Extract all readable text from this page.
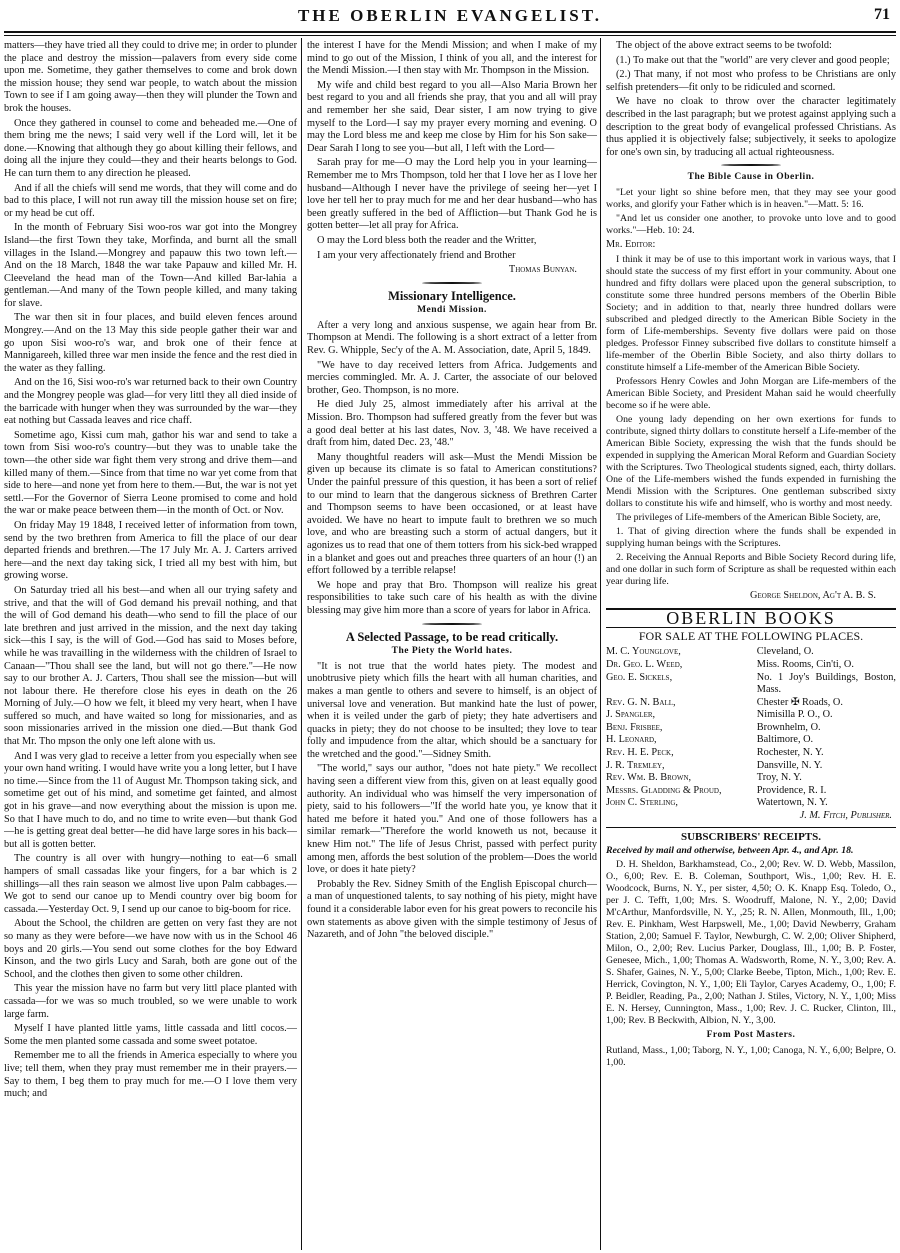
THE OBERLIN EVANGELIST.	71

matters—they have tried all they could to drive me; in order to plunder the place and destroy the mission—palavers from every side come upon me. Sometime, they gather themselves to come and brok down the mission house; they send war people, to watch about the mission Town to see if I am going away—then they will plunder the Town and brok the houses.

Once they gathered in counsel to come and beheaded me.—One of them bring me the news; I said very well if the Lord will, let it be done.—Knowing that although they go about killing their fellows, and doing all the injure they could—they and their hearts belongs to God. He can turn them to any direction he pleased.

And if all the chiefs will send me words, that they will come and do bad to this place, I will not run away till the mission house set on fire; or my head be cut off.

In the month of February Sisi woo-ros war got into the Mongrey Island—the first Town they take, Morfinda, and burnt all the small villages in the Island.—Mongrey and papauw this two town left.—And on the 18 March, 1848 the war take Papauw and killed Mr. H. Cleeveland the head man of the Town—And killed Bar-lahia a gentleman.—And many of the Town people killed, and many taking for slave.

The war then sit in four places, and build eleven fences around Mongrey.—And on the 13 May this side people gather their war and go upon Sisi woo-ro's war, and brok one of their fence at Mannigareeh, killed three war men inside the fence and the rest died in the water as they falling.

And on the 16, Sisi woo-ro's war returned back to their own Country and the Mongrey people was glad—for very littl they all died inside of the barricade with hunger when they was surrounded by the war—they eat nothing but Cassada leaves and rice chaff.

Sometime ago, Kissi cum mah, gathor his war and send to take a town from Sisi woo-ro's country—but they was to unable take the town—the other side war fight them very strong and drive them—and killed many of them.—Since from that time no war yet come from that side to here—and none yet from here to them.—But, the war is not yet settl.—For the Governor of Sierra Leone promised to come and hold the war or make peace between them—in the month of Oct. or Nov.

On friday May 19 1848, I received letter of information from town, send by the two brethren from America to fill the place of our dear departed friends and brethren.—The 17 July Mr. A. J. Carters arrived here—and the next day taking sick, I tried all my best with him, but growing worse.

On Saturday tried all his best—and when all our trying safety and strive, and that the will of God demand his prevail nothing, and that the will of God demand his death—who send to fill the place of our late brethren and just arrived in the mission, and the next day taking sick—this I say, is the will of God.—God has said to Moses before, while he was travailling in the wilderness with the children of Israel to Canaan—"Thou shall see the land, but will not go there."—He now say to our brother A. J. Carters, Thou shall see the mission—but will not labour there. He therefore close his eyes in death on the 26 Morning of July.—O how we felt, it bleed my very heart, when I have suffered so much, and have waited so long for missionaries, and as soon missionaries arrived in the mission one died.—But thank God that Mr. Tho mpson the only one left alone with us.

And I was very glad to receive a letter from you especially when see your own hand writing. I would have write you a long letter, but I have no time.—Since from the 11 of August Mr. Thompson taking sick, and sometime get out of his mind, and sometime get fainted, and almost got in his grave—and now everything about the mission is upon me. So that I have much to do, and no time to write even—but thank God—he is getting great deal better—he did have large sores in his back—but all is gotten better.

The country is all over with hungry—nothing to eat—6 small hampers of small cassadas like your fingers, for a bar which is 2 shillings—all thes rain season we almost live upon Palm cabbages.—We got to send our canoe up to Mendi country over big boom for cassada.—Yesterday Oct. 9, I send up our canoe to big-boom for rice.

About the School, the children are getten on very fast they are not so many as they were before—we have now with us in the School 46 boys and 20 girls.—You send out some clothes for the boy Edward Kinson, and the two girls Lucy and Sarah, both are gone out of the School, and the clothes then given to some other children.

This year the mission have no farm but very littl place planted with cassada—for we was so much troubled, so we were unable to work large farm.

Myself I have planted little yams, little cassada and littl cocos.—Some the men planted some cassada and some sweet potatoe.

Remember me to all the friends in America especially to where you live; tell them, when they pray must remember me in their prayers.—Say to them, I beg them to pray much for me.—O I love them very much; and

the interest I have for the Mendi Mission; and when I make of my mind to go out of the Mission, I think of you all, and the interest for the Mendi Mission.—I then stay with Mr. Thompson in the Mission.

My wife and child best regard to you all—Also Maria Brown her best regard to you and all friends she pray, that you and all will pray and remember her she said, Dear sister, I am now trying to give myself to the Lord—I say my prayer every morning and evening. O may the Lord bless me and keep me close by Him for his Son sake—Dear Sarah I long to see you—but all, I left with the Lord—

Sarah pray for me—O may the Lord help you in your learning—Remember me to Mrs Thompson, told her that I love her as I love her husband—Although I never have the privilege of seeing her—yet I love her tell her to pray much for me and her dear husband—who has been greatly suffered in the bed of Affliction—but Thank God he is gotten better—let all pray for Africa.

O may the Lord bless both the reader and the Writter,

I am your very affectionately friend and Brother

Thomas Bunyan.

Missionary Intelligence.

Mendi Mission.

After a very long and anxious suspense, we again hear from Br. Thompson at Mendi. The following is a short extract of a letter from Rev. G. Whipple, Sec'y of the A. M. Association, date, April 5, 1849.

"We have to day received letters from Africa. Judgements and mercies commingled. Mr. A. J. Carter, the associate of our beloved brother, Geo. Thompson, is no more.

He died July 25, almost immediately after his arrival at the Mission. Bro. Thompson had suffered greatly from the fever but was a good deal better at his last dates, Nov. 3, '48. We have received a draft from him, dated Dec. 23, '48."

Many thoughtful readers will ask—Must the Mendi Mission be given up because its climate is so fatal to American constitutions? Under the painful pressure of this question, it has been a sort of relief to our mind to learn that the dangerous sickness of Brethren Carter and Thompson seems to have been occasioned, or at least have avoided. We have no heart to impute fault to brethren we so much love, and who are breasting such a storm of actual dangers, but it agonizes us to read that one of them totters from his sick-bed wrapped in a blanket and goes out and preaches three quarters of an hour (!) an effort followed by a terrible relapse!

We hope and pray that Bro. Thompson will realize his great responsibilities to take such care of his health as with the divine blessing may give him more than a score of years for labor in Africa.

A Selected Passage, to be read critically.

The Piety the World hates.

"It is not true that the world hates piety. The modest and unobtrusive piety which fills the heart with all human charities, and makes a man gentle to others and severe to himself, is an object of universal love and veneration. But mankind hate the lust of power, when it is veiled under the garb of piety; they hate advertisers and quacks in piety; they do not choose to be insulted; they love to tear folly and impudence from the altar, which should be a sanctuary for the wretched and the good."—Sidney Smith.

"The world," says our author, "does not hate piety." We recollect having seen a different view from this, given on at least equally good authority. An individual who was himself the very impersonation of piety, said to his followers—"If the world hate you, ye know that it hated me before it hated you." And one of those followers has a similar remark—"Therefore the world knoweth us not, because it knew Him not." The life of Jesus Christ, passed with perfect purity among men, affords the best solution of the problem—Does the world love, or does it hate piety?

Probably the Rev. Sidney Smith of the English Episcopal church—a man of unquestioned talents, to say nothing of his piety, might have found it a considerable labor even for his great powers to reconcile his own statements as above given with the simple testimony of Jesus of Nazareth, and of John "the beloved disciple."

The object of the above extract seems to be twofold:

(1.) To make out that the "world" are very clever and good people;

(2.) That many, if not most who profess to be Christians are only selfish pretenders—fit only to be ridiculed and scorned.

We have no cloak to throw over the character legitimately described in the last paragraph; but we protest against applying such a description to the great body of evangelical professed Christians. As thus applied it is objectively false; subjectively, it seeks to apologize for one's own sin, by traducing all actual righteousness.

The Bible Cause in Oberlin.

"Let your light so shine before men, that they may see your good works, and glorify your Father which is in heaven."—Matt. 5: 16.

"And let us consider one another, to provoke unto love and to good works."—Heb. 10: 24.

Mr. Editor:

I think it may be of use to this important work in various ways, that I should state the success of my first effort in your community. About one hundred and fifty dollars were placed upon the general subscription, to constitute some three hundred persons members of the Oberlin Bible Society; and in addition to that, nearly three hundred dollars were subscribed and pledged directly to the American Bible Society in the form of Life-memberships. Seventy five dollars were paid on those pledges. Professor Finney subscribed five dollars to constitute himself a life-member of the Oberlin Bible Society, and also thirty dollars to constitute himself a Life-member of the American Bible Society.

Professors Henry Cowles and John Morgan are Life-members of the American Bible Society, and President Mahan said he would cheerfully become so if he were able.

One young lady depending on her own exertions for funds to contribute, signed thirty dollars to constitute herself a Life-member of the American Bible Society, expressing the wish that the funds should be expended in supplying the American Moral Reform and Guardian Society with the Scriptures. Two Theological students signed, each, thirty dollars. One of the Life-members wished the funds expended in furnishing the Mendi Mission with the Scriptures. One gentleman subscribed sixty dollars to constitute his wife and himself, who is worthy and most needy.

The privileges of Life-members of the American Bible Society, are,

1. That of giving direction where the funds shall be expended in supplying human beings with the Scriptures.

2. Receiving the Annual Reports and Bible Society Record during life, and one dollar in such form of Scripture as shall be requested within each year during life.

George Sheldon, Ag't A. B. S.

OBERLIN BOOKS
FOR SALE AT THE FOLLOWING PLACES.
M. C. Younglove,	Cleveland, O.
Dr. Geo. L. Weed,	Miss. Rooms, Cin'ti, O.
Geo. E. Sickels,	No. 1 Joy's Buildings, Boston, Mass.
Rev. G. N. Ball,	Chester ✠ Roads, O.
J. Spangler,	Nimisilla P. O., O.
Benj. Frisbee,	Brownhelm, O.
H. Leonard,	Baltimore, O.
Rev. H. E. Peck,	Rochester, N. Y.
J. R. Tremley,	Dansville, N. Y.
Rev. Wm. B. Brown,	Troy, N. Y.
Messrs. Gladding & Proud,	Providence, R. I.
John C. Sterling,	Watertown, N. Y.

J. M. Fitch, Publisher.

SUBSCRIBERS' RECEIPTS.

Received by mail and otherwise, between Apr. 4., and Apr. 18.

D. H. Sheldon, Barkhamstead, Co., 2,00; Rev. W. D. Webb, Massilon, O., 6,00; Rev. E. B. Coleman, Southport, Wis., 1,00; Rev. H. E. Woodcock, Burns, N. Y., per sister, 4,50; O. K. Knapp Esq. Toledo, O., per J. C. Tefft, 1,00; Mrs. S. Woodruff, Malone, N. Y., 2,00; David M'cArthur, Manfordsville, N. Y., ,25; R. N. Allen, Monmouth, Ill., 1,00; Rev. E. Pinkham, West Harpswell, Me., 1,00; David Newberry, Graham Station, 2,00; Samuel F. Taylor, Newburgh, C. W. 2,00; Oliver Shipherd, Milon, O., 2,00; Rev. Lucius Parker, Douglass, Ill., 1,00; B. P. Foster, Genesee, Mich., 1,00; Thomas A. Wadsworth, Rome, N. Y., 3,00; Rev. A. S. Shafer, Gaines, N. Y., 5,00; Clarke Beebe, Tipton, Mich., 1,00; Rev. E. Herrick, Covington, N. Y., 1,00; Eli Taylor, Caryes Academy, O., 1,00; F. P. Beidler, Reading, Pa., 2,00; Nathan J. Stiles, Victory, N. Y., 1,00; Miss E. N. Hersey, Cunnington, Mass., 1,00; Rev. J. C. Rucker, Clinton, Ill., 1,00; Rev. B Beckwith, Albion, N. Y., 3,00.

From Post Masters.

Rutland, Mass., 1,00; Taborg, N. Y., 1,00; Canoga, N. Y., 6,00; Belpre, O. 1,00.
